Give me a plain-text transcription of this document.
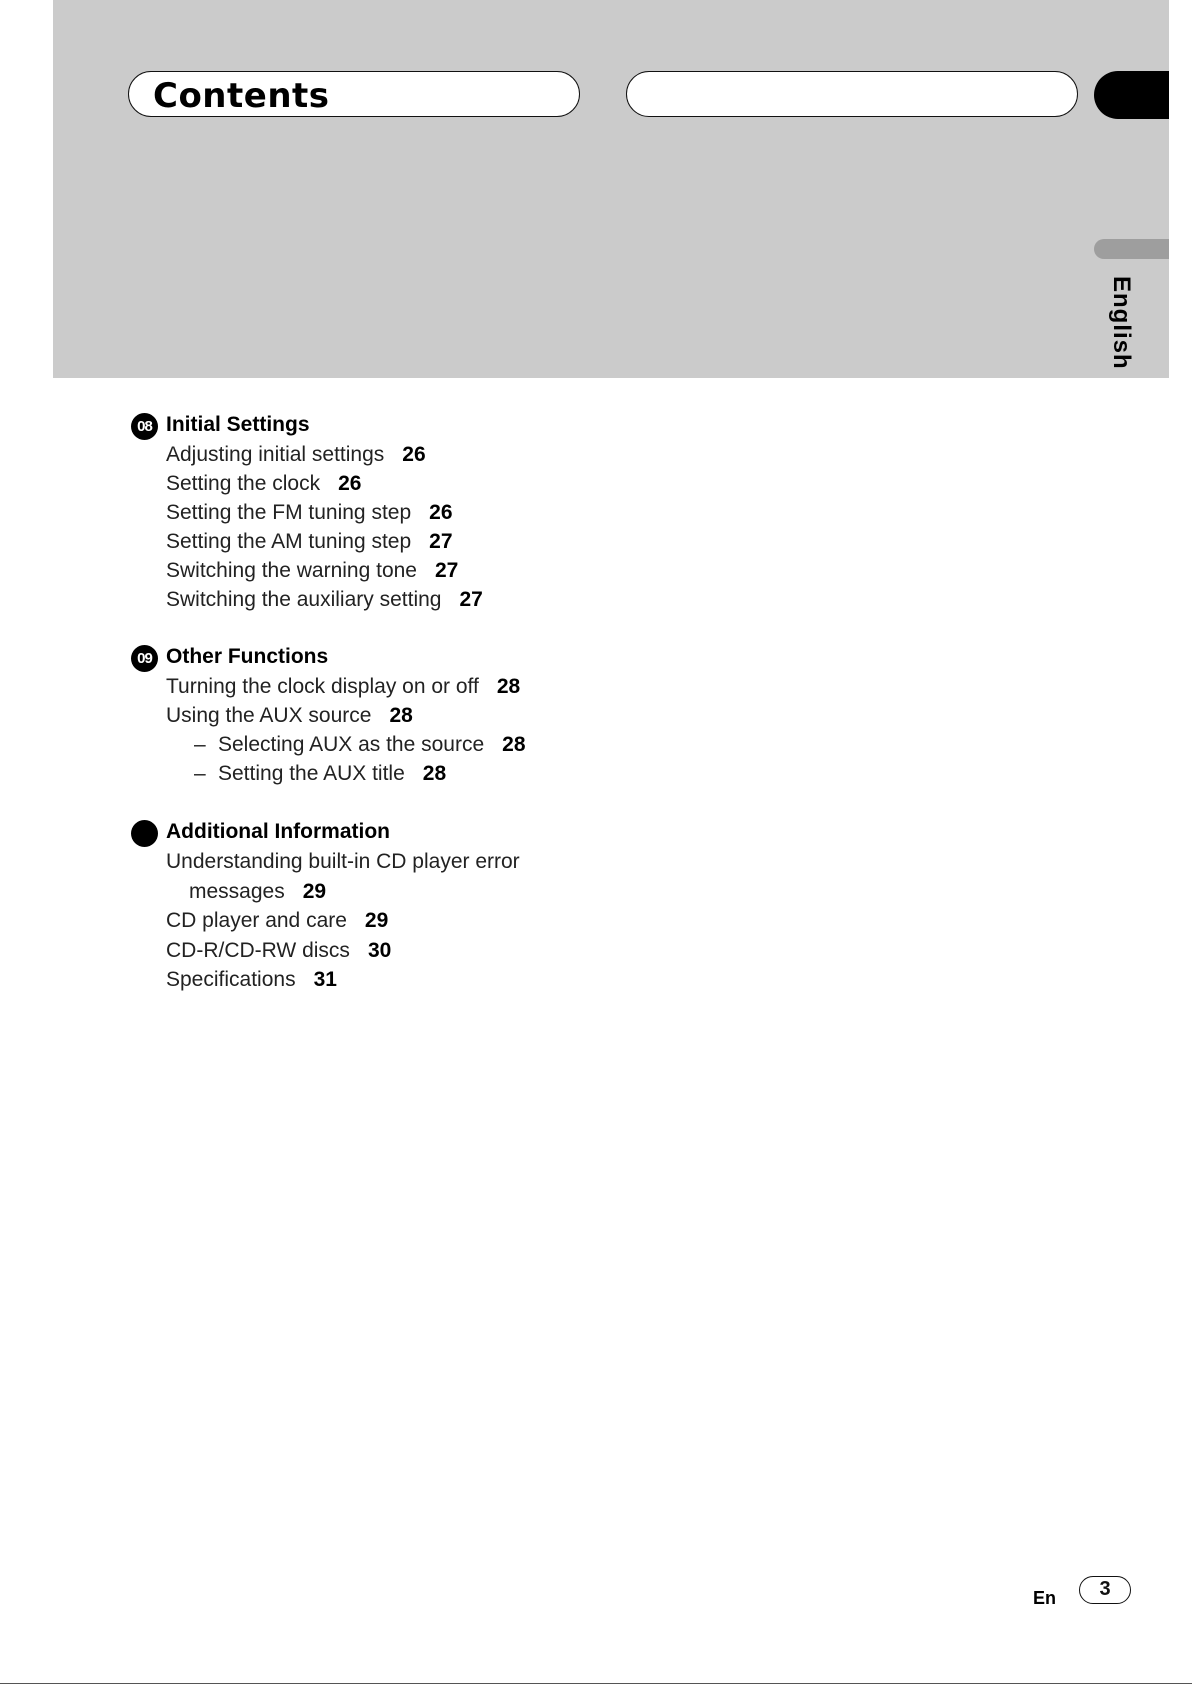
Contents
English
08 Initial Settings
Adjusting initial settings 26
Setting the clock 26
Setting the FM tuning step 26
Setting the AM tuning step 27
Switching the warning tone 27
Switching the auxiliary setting 27
09 Other Functions
Turning the clock display on or off 28
Using the AUX source 28
– Selecting AUX as the source 28
– Setting the AUX title 28
Additional Information
Understanding built-in CD player error
messages 29
CD player and care 29
CD-R/CD-RW discs 30
Specifications 31
En	3
